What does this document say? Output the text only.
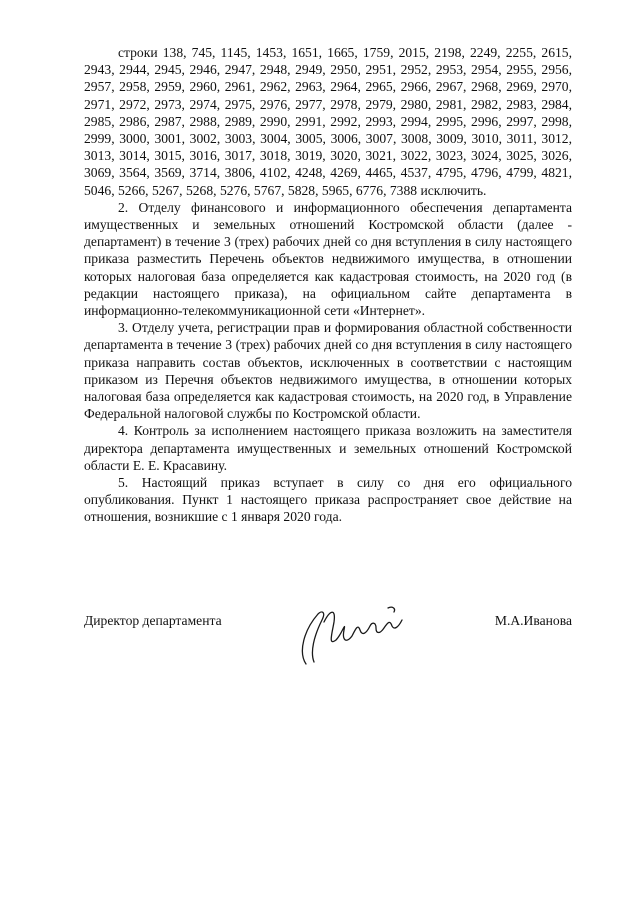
строки 138, 745, 1145, 1453, 1651, 1665, 1759, 2015, 2198, 2249, 2255, 2615, 2943, 2944, 2945, 2946, 2947, 2948, 2949, 2950, 2951, 2952, 2953, 2954, 2955, 2956, 2957, 2958, 2959, 2960, 2961, 2962, 2963, 2964, 2965, 2966, 2967, 2968, 2969, 2970, 2971, 2972, 2973, 2974, 2975, 2976, 2977, 2978, 2979, 2980, 2981, 2982, 2983, 2984, 2985, 2986, 2987, 2988, 2989, 2990, 2991, 2992, 2993, 2994, 2995, 2996, 2997, 2998, 2999, 3000, 3001, 3002, 3003, 3004, 3005, 3006, 3007, 3008, 3009, 3010, 3011, 3012, 3013, 3014, 3015, 3016, 3017, 3018, 3019, 3020, 3021, 3022, 3023, 3024, 3025, 3026, 3069, 3564, 3569, 3714, 3806, 4102, 4248, 4269, 4465, 4537, 4795, 4796, 4799, 4821, 5046, 5266, 5267, 5268, 5276, 5767, 5828, 5965, 6776, 7388 исключить.

2. Отделу финансового и информационного обеспечения департамента имущественных и земельных отношений Костромской области (далее - департамент) в течение 3 (трех) рабочих дней со дня вступления в силу настоящего приказа разместить Перечень объектов недвижимого имущества, в отношении которых налоговая база определяется как кадастровая стоимость, на 2020 год (в редакции настоящего приказа), на официальном сайте департамента в информационно-телекоммуникационной сети «Интернет».

3. Отделу учета, регистрации прав и формирования областной собственности департамента в течение 3 (трех) рабочих дней со дня вступления в силу настоящего приказа направить состав объектов, исключенных в соответствии с настоящим приказом из Перечня объектов недвижимого имущества, в отношении которых налоговая база определяется как кадастровая стоимость, на 2020 год, в Управление Федеральной налоговой службы по Костромской области.

4. Контроль за исполнением настоящего приказа возложить на заместителя директора департамента имущественных и земельных отношений Костромской области Е. Е. Красавину.

5. Настоящий приказ вступает в силу со дня его официального опубликования. Пункт 1 настоящего приказа распространяет свое действие на отношения, возникшие с 1 января 2020 года.

Директор департамента	М.А.Иванова
